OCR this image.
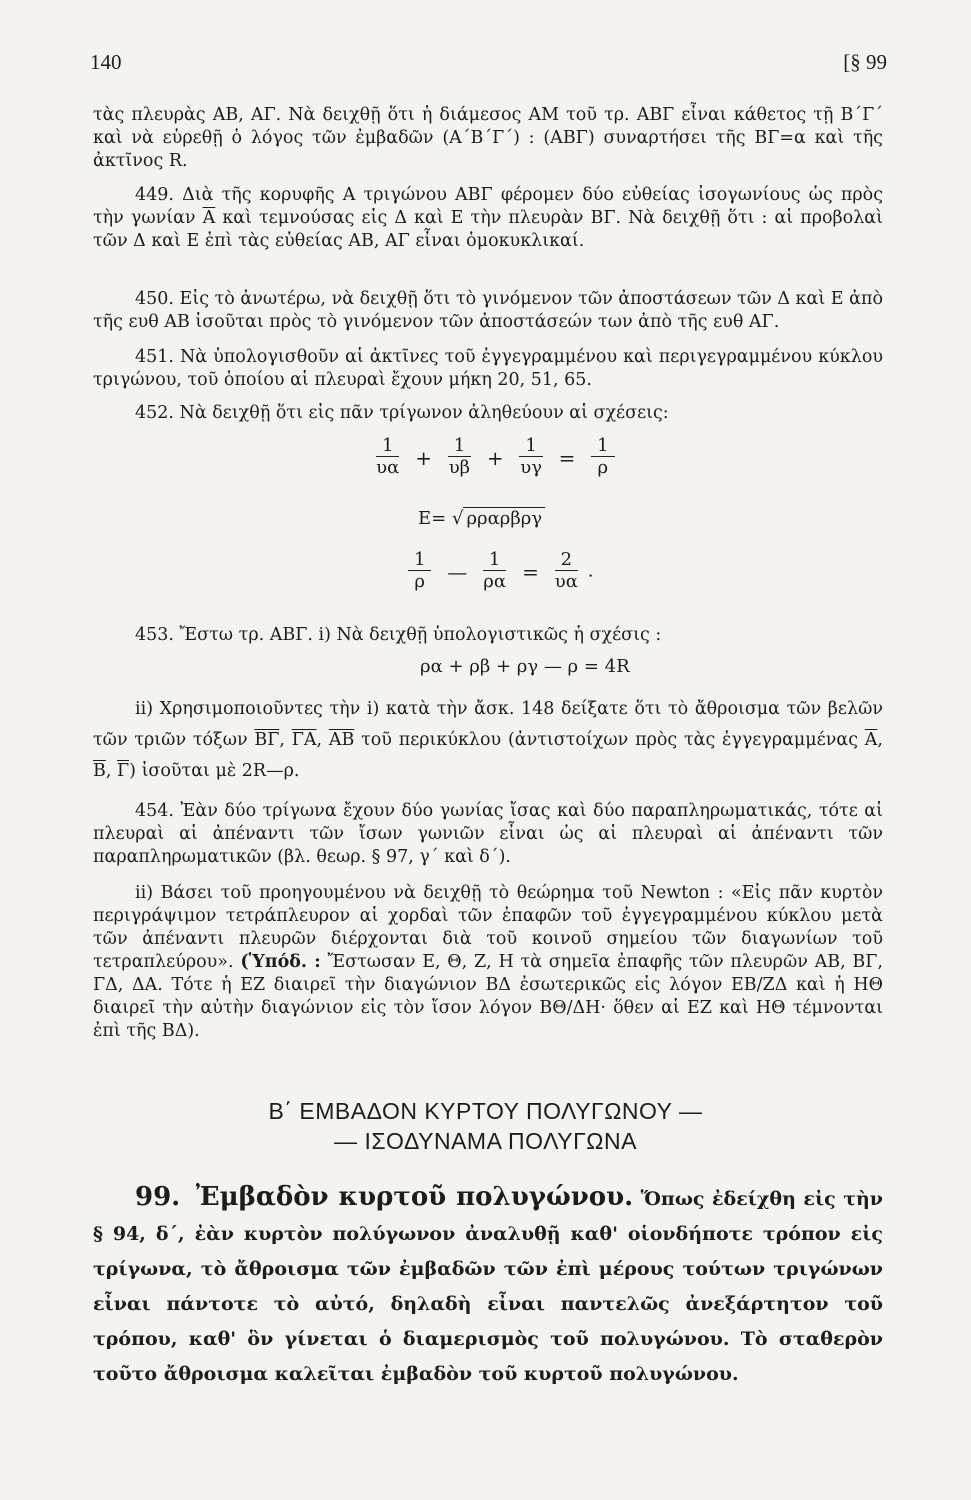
140	[§ 99
τὰς πλευρὰς ΑΒ, ΑΓ. Νὰ δειχθῇ ὅτι ἡ διάμεσος ΑΜ τοῦ τρ. ΑΒΓ εἶναι κάθετος τῇ Β΄Γ΄ καὶ νὰ εὑρεθῇ ὁ λόγος τῶν ἐμβαδῶν (Α΄Β΄Γ΄) : (ΑΒΓ) συναρτήσει τῆς ΒΓ=α καὶ τῆς ἀκτῖνος R.
449. Διὰ τῆς κορυφῆς Α τριγώνου ΑΒΓ φέρομεν δύο εὐθείας ἰσογωνίους ὡς πρὸς τὴν γωνίαν $\overline{A}$ καὶ τεμνούσας εἰς Δ καὶ Ε τὴν πλευρὰν ΒΓ. Νὰ δειχθῇ ὅτι : αἱ προβολαὶ τῶν Δ καὶ Ε ἐπὶ τὰς εὐθείας ΑΒ, ΑΓ εἶναι ὁμοκυκλικαί.
450. Εἰς τὸ ἀνωτέρω, νὰ δειχθῇ ὅτι τὸ γινόμενον τῶν ἀποστάσεων τῶν Δ καὶ Ε ἀπὸ τῆς ευθ ΑΒ ἰσοῦται πρὸς τὸ γινόμενον τῶν ἀποστάσεών των ἀπὸ τῆς ευθ ΑΓ.
451. Νὰ ὑπολογισθοῦν αἱ ἀκτῖνες τοῦ ἐγγεγραμμένου καὶ περιγεγραμμένου κύκλου τριγώνου, τοῦ ὁποίου αἱ πλευραὶ ἔχουν μήκη 20, 51, 65.
452. Νὰ δειχθῇ ὅτι εἰς πᾶν τρίγωνον ἀληθεύουν αἱ σχέσεις:
$\frac{1}{\upsilon\alpha} + \frac{1}{\upsilon\beta} + \frac{1}{\upsilon\gamma} = \frac{1}{\rho}$
E= √ ρραρβργ
$\frac{1}{\rho}$ — $\frac{1}{\rho\alpha} = \frac{2}{\upsilon\alpha}$ .
453. Ἔστω τρ. ΑΒΓ. i) Νὰ δειχθῇ ὑπολογιστικῶς ἡ σχέσις :
ρα + ρβ + ργ — ρ = 4R
ii) Χρησιμοποιοῦντες τὴν i) κατὰ τὴν ἄσκ. 148 δείξατε ὅτι τὸ ἄθροισμα τῶν βελῶν τῶν τριῶν τόξων $\overline{B\Gamma}$, $\overline{\Gamma A}$, $\overline{AB}$ τοῦ περικύκλου (ἀντιστοίχων πρὸς τὰς ἐγγεγραμμένας $\overline{A}$, $\overline{B}$, $\overline{\Gamma}$) ἰσοῦται μὲ 2R—ρ.
454. Ἐὰν δύο τρίγωνα ἔχουν δύο γωνίας ἴσας καὶ δύο παραπληρωματικάς, τότε αἱ πλευραὶ αἱ ἀπέναντι τῶν ἴσων γωνιῶν εἶναι ὡς αἱ πλευραὶ αἱ ἀπέναντι τῶν παραπληρωματικῶν (βλ. θεωρ. § 97, γ΄ καὶ δ΄).
ii) Βάσει τοῦ προηγουμένου νὰ δειχθῇ τὸ θεώρημα τοῦ Newton : «Εἰς πᾶν κυρτὸν περιγράψιμον τετράπλευρον αἱ χορδαὶ τῶν ἐπαφῶν τοῦ ἐγγεγραμμένου κύκλου μετὰ τῶν ἀπέναντι πλευρῶν διέρχονται διὰ τοῦ κοινοῦ σημείου τῶν διαγωνίων τοῦ τετραπλεύρου». (Ὑπόδ. : Ἔστωσαν Ε, Θ, Ζ, Η τὰ σημεῖα ἐπαφῆς τῶν πλευρῶν ΑΒ, ΒΓ, ΓΔ, ΔΑ. Τότε ἡ ΕΖ διαιρεῖ τὴν διαγώνιον ΒΔ ἐσωτερικῶς εἰς λόγον ΕΒ/ΖΔ καὶ ἡ ΗΘ διαιρεῖ τὴν αὐτὴν διαγώνιον εἰς τὸν ἴσον λόγον ΒΘ/ΔΗ· ὅθεν αἱ ΕΖ καὶ ΗΘ τέμνονται ἐπὶ τῆς ΒΔ).
Β΄ ΕΜΒΑΔΟΝ ΚΥΡΤΟΥ ΠΟΛΥΓΩΝΟΥ —
— ΙΣΟΔΥΝΑΜΑ ΠΟΛΥΓΩΝΑ
99. Ἐμβαδὸν κυρτοῦ πολυγώνου. Ὅπως ἐδείχθη εἰς τὴν § 94, δ΄, ἐὰν κυρτὸν πολύγωνον ἀναλυθῇ καθ' οἱονδήποτε τρόπον εἰς τρίγωνα, τὸ ἄθροισμα τῶν ἐμβαδῶν τῶν ἐπὶ μέρους τούτων τριγώνων εἶναι πάντοτε τὸ αὐτό, δηλαδὴ εἶναι παντελῶς ἀνεξάρτητον τοῦ τρόπου, καθ' ὃν γίνεται ὁ διαμερισμὸς τοῦ πολυγώνου. Τὸ σταθερὸν τοῦτο ἄθροισμα καλεῖται ἐμβαδὸν τοῦ κυρτοῦ πολυγώνου.
